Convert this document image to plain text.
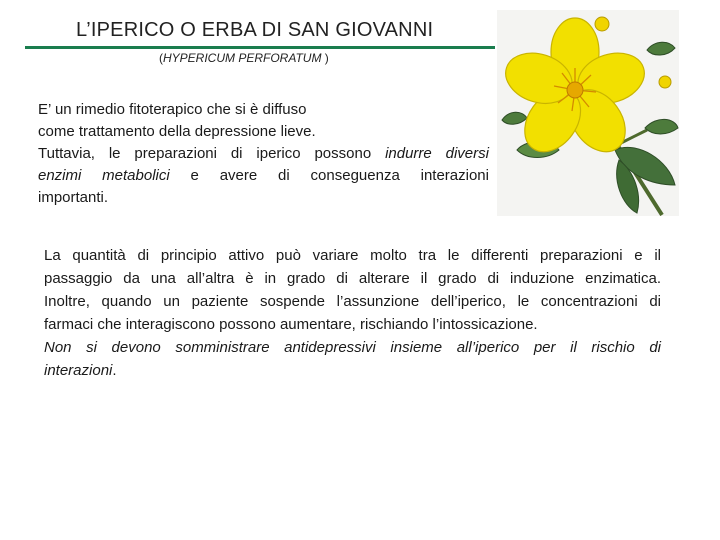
L’IPERICO O ERBA DI SAN GIOVANNI
(HYPERICUM PERFORATUM )
E’ un rimedio fitoterapico che si è diffuso
come trattamento della depressione lieve.
Tuttavia, le preparazioni di iperico possono indurre diversi
enzimi metabolici e avere di conseguenza interazioni
importanti.
La quantità di principio attivo può variare molto tra le differenti preparazioni e il
passaggio da una all’altra è in grado di alterare il grado di induzione enzimatica.
Inoltre, quando un paziente sospende l’assunzione dell’iperico, le concentrazioni di
farmaci che interagiscono possono aumentare, rischiando l’intossicazione.
Non si devono somministrare antidepressivi insieme all’iperico per il rischio di
interazioni.
